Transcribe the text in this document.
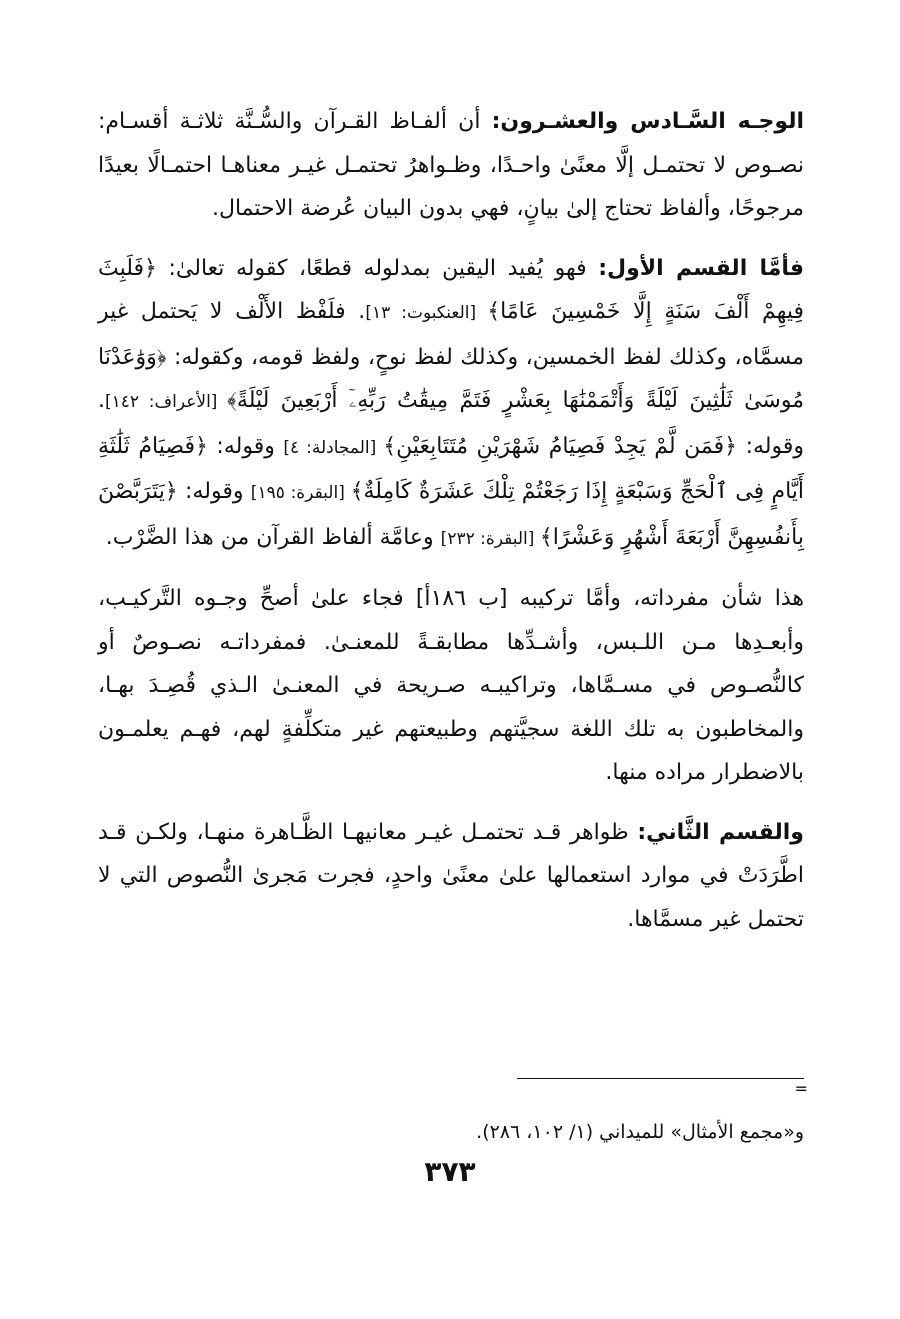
الوجـه السَّـادس والعشـرون: أن ألفـاظ القـرآن والسُّـنَّة ثلاثـة أقسـام: نصـوص لا تحتمـل إلَّا معنًىٰ واحـدًا، وظـواهرُ تحتمـل غيـر معناهـا احتمـالًا بعيدًا مرجوحًا، وألفاظ تحتاج إلىٰ بيانٍ، فهي بدون البيان عُرضة الاحتمال.

فأمَّا القسم الأول: فهو يُفيد اليقين بمدلوله قطعًا، كقوله تعالىٰ: ﴿فَلَبِثَ فِيهِمْ أَلْفَ سَنَةٍ إِلَّا خَمْسِينَ عَامًا﴾ [العنكبوت: ١٣]. فلَفْظ الأَلْف لا يَحتمل غير مسمَّاه، وكذلك لفظ الخمسين، وكذلك لفظ نوحٍ، ولفظ قومه، وكقوله: ﴿وَوَٰعَدْنَا مُوسَىٰ ثَلَٰثِينَ لَيْلَةً وَأَتْمَمْنَٰهَا بِعَشْرٍ فَتَمَّ مِيقَٰتُ رَبِّهِۦٓ أَرْبَعِينَ لَيْلَةً﴾ [الأعراف: ١٤٢]. وقوله: ﴿فَمَن لَّمْ يَجِدْ فَصِيَامُ شَهْرَيْنِ مُتَتَابِعَيْنِ﴾ [المجادلة: ٤] وقوله: ﴿فَصِيَامُ ثَلَٰثَةِ أَيَّامٍ فِى ٱلْحَجِّ وَسَبْعَةٍ إِذَا رَجَعْتُمْ تِلْكَ عَشَرَةٌ كَامِلَةٌ﴾ [البقرة: ١٩٥] وقوله: ﴿يَتَرَبَّصْنَ بِأَنفُسِهِنَّ أَرْبَعَةَ أَشْهُرٍ وَعَشْرًا﴾ [البقرة: ٢٣٢] وعامَّة ألفاظ القرآن من هذا الضَّرْب.

هذا شأن مفرداته، وأمَّا تركيبه [ب ١٨٦أ] فجاء علىٰ أصحِّ وجـوه التَّركيـب، وأبعـدِها مـن اللـبس، وأشـدِّها مطابقـةً للمعنـىٰ. فمفرداتـه نصـوصٌ أو كالنُّصـوص في مسـمَّاها، وتراكيبـه صـريحة في المعنـىٰ الـذي قُصِـدَ بهـا، والمخاطبون به تلك اللغة سجيَّتهم وطبيعتهم غير متكلِّفةٍ لهم، فهـم يعلمـون بالاضطرار مراده منها.

والقسم الثَّاني: ظواهر قـد تحتمـل غيـر معانيهـا الظَّـاهرة منهـا، ولكـن قـد اطَّرَدَتْ في موارد استعمالها علىٰ معنًىٰ واحدٍ، فجرت مَجرىٰ النُّصوص التي لا تحتمل غير مسمَّاها.

=
و«مجمع الأمثال» للميداني (١/ ١٠٢، ٢٨٦).
٣٧٣
